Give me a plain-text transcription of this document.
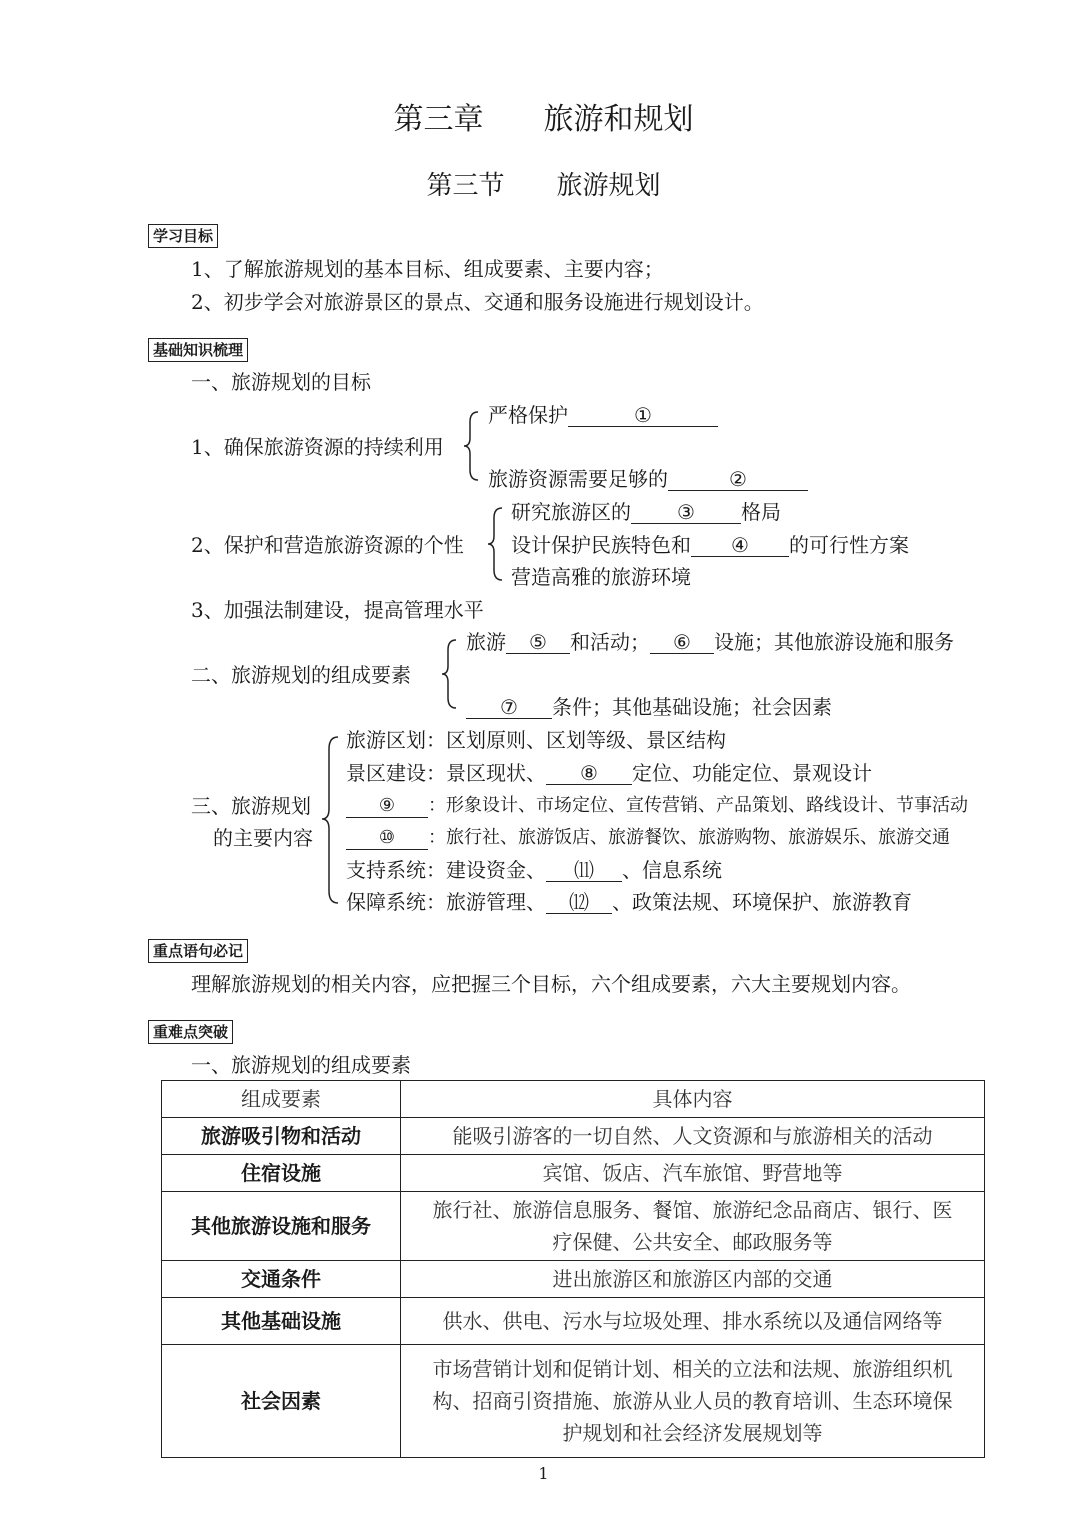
第三章　　旅游和规划
第三节　　旅游规划
学习目标
1、了解旅游规划的基本目标、组成要素、主要内容；
2、初步学会对旅游景区的景点、交通和服务设施进行规划设计。
基础知识梳理
一、旅游规划的目标
1、确保旅游资源的持续利用
严格保护	①
旅游资源需要足够的	②
2、保护和营造旅游资源的个性
研究旅游区的 ③ 格局
设计保护民族特色和 ④ 的可行性方案
营造高雅的旅游环境
3、加强法制建设，提高管理水平
二、旅游规划的组成要素
旅游 ⑤ 和活动； ⑥ 设施；其他旅游设施和服务
⑦ 条件；其他基础设施；社会因素
三、旅游规划
的主要内容
旅游区划：区划原则、区划等级、景区结构
景区建设：景区现状、 ⑧ 定位、功能定位、景观设计
⑨ ：形象设计、市场定位、宣传营销、产品策划、路线设计、节事活动
⑩ ：旅行社、旅游饭店、旅游餐饮、旅游购物、旅游娱乐、旅游交通
支持系统：建设资金、 ⑾ 、信息系统
保障系统：旅游管理、 ⑿ 、政策法规、环境保护、旅游教育
重点语句必记
理解旅游规划的相关内容，应把握三个目标，六个组成要素，六大主要规划内容。
重难点突破
一、旅游规划的组成要素
组成要素	具体内容
旅游吸引物和活动	能吸引游客的一切自然、人文资源和与旅游相关的活动

住宿设施	宾馆、饭店、汽车旅馆、野营地等

其他旅游设施和服务	旅行社、旅游信息服务、餐馆、旅游纪念品商店、银行、医
疗保健、公共安全、邮政服务等

交通条件	进出旅游区和旅游区内部的交通

其他基础设施	供水、供电、污水与垃圾处理、排水系统以及通信网络等

社会因素	市场营销计划和促销计划、相关的立法和法规、旅游组织机
构、招商引资措施、旅游从业人员的教育培训、生态环境保
护规划和社会经济发展规划等
1
